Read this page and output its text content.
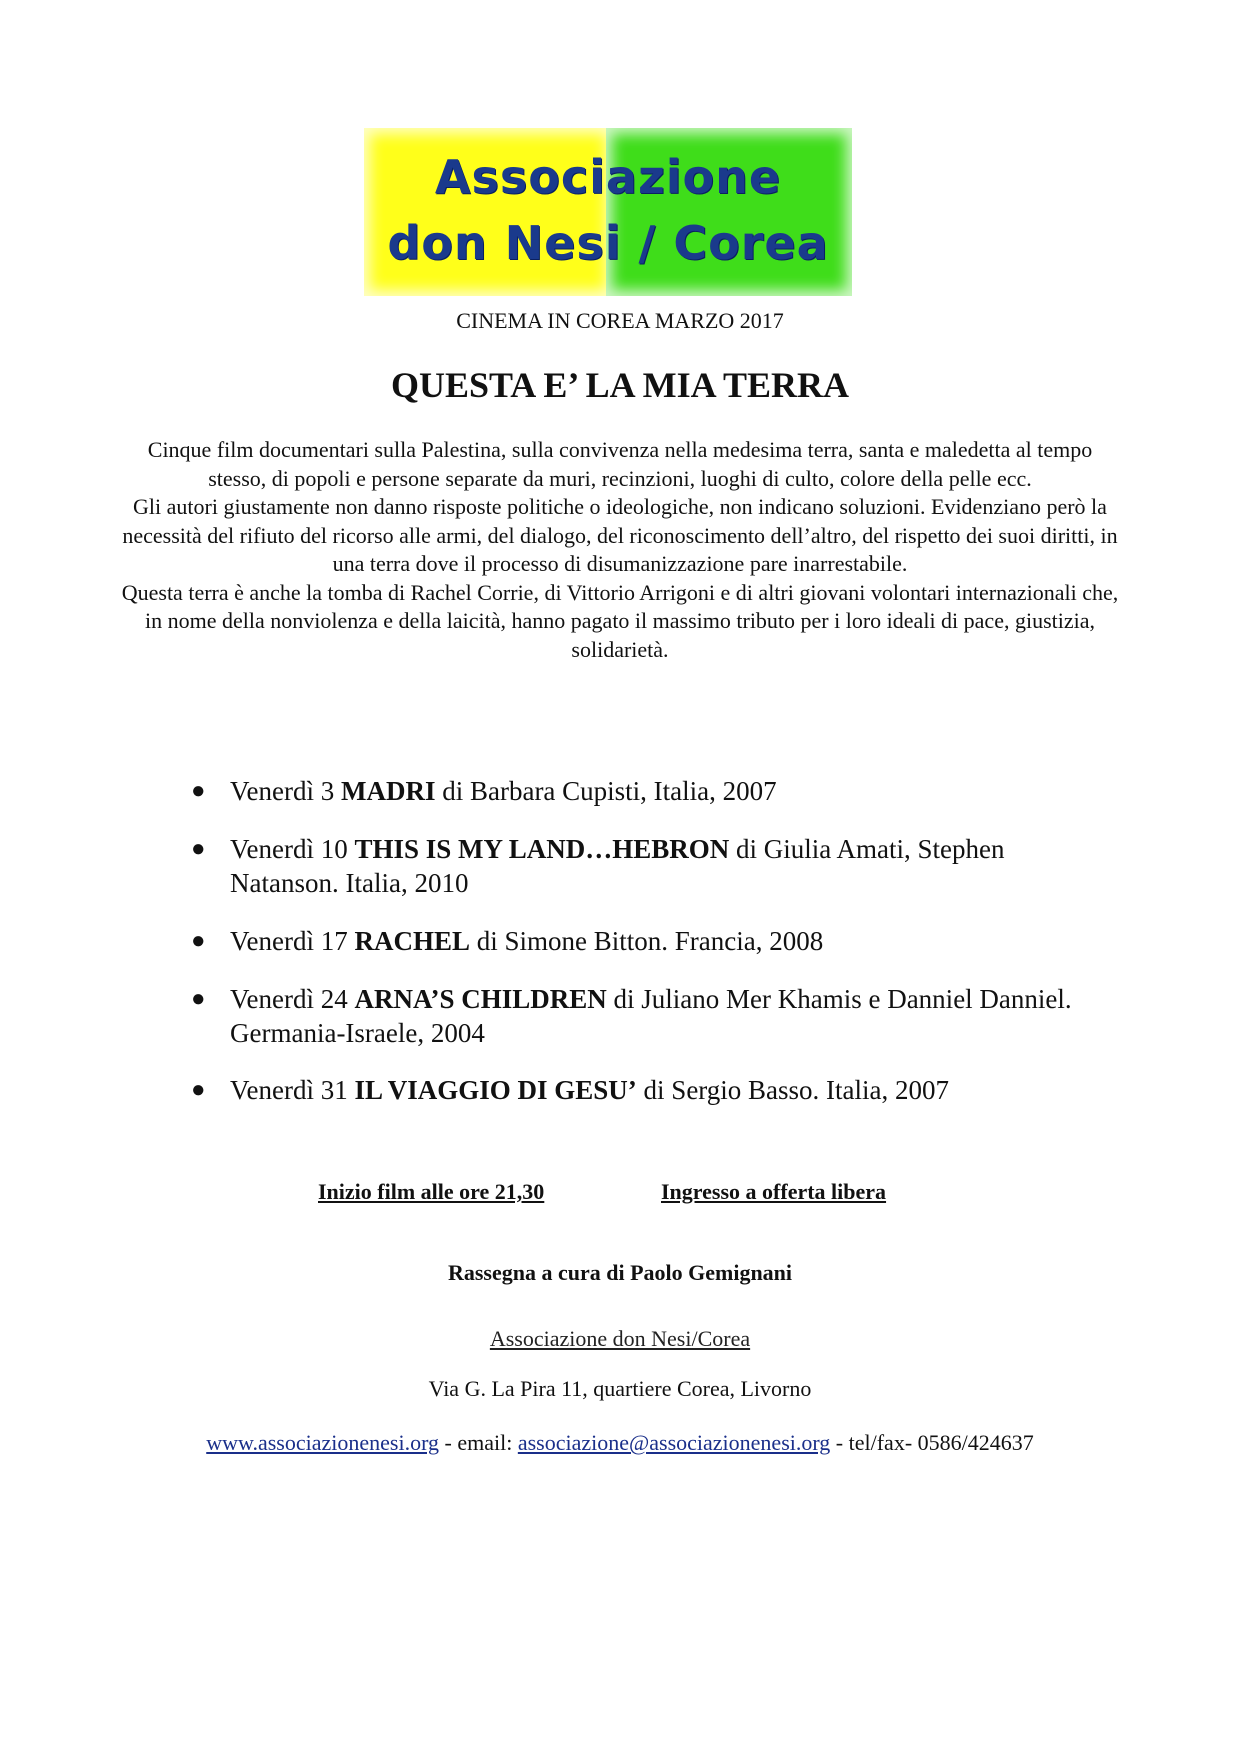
Associazione
don Nesi / Corea
CINEMA IN COREA MARZO 2017
QUESTA E’ LA MIA TERRA

Cinque film documentari sulla Palestina, sulla convivenza nella medesima terra, santa e maledetta al tempo stesso, di popoli e persone separate da muri, recinzioni, luoghi di culto, colore della pelle ecc.

Gli autori giustamente non danno risposte politiche o ideologiche, non indicano soluzioni. Evidenziano però la necessità del rifiuto del ricorso alle armi, del dialogo, del riconoscimento dell’altro, del rispetto dei suoi diritti, in una terra dove il processo di disumanizzazione pare inarrestabile.

Questa terra è anche la tomba di Rachel Corrie, di Vittorio Arrigoni e di altri giovani volontari internazionali che, in nome della nonviolenza e della laicità, hanno pagato il massimo tributo per i loro ideali di pace, giustizia, solidarietà.

● Venerdì 3 MADRI di Barbara Cupisti, Italia, 2007
● Venerdì 10 THIS IS MY LAND…HEBRON di Giulia Amati, Stephen Natanson. Italia, 2010
● Venerdì 17 RACHEL di Simone Bitton. Francia, 2008
● Venerdì 24 ARNA’S CHILDREN di Juliano Mer Khamis e Danniel Danniel. Germania-Israele, 2004
● Venerdì 31 IL VIAGGIO DI GESU’ di Sergio Basso. Italia, 2007
Inizio film alle ore 21,30	Ingresso a offerta libera
Rassegna a cura di Paolo Gemignani
Associazione don Nesi/Corea
Via G. La Pira 11, quartiere Corea, Livorno
www.associazionenesi.org - email: associazione@associazionenesi.org - tel/fax- 0586/424637
